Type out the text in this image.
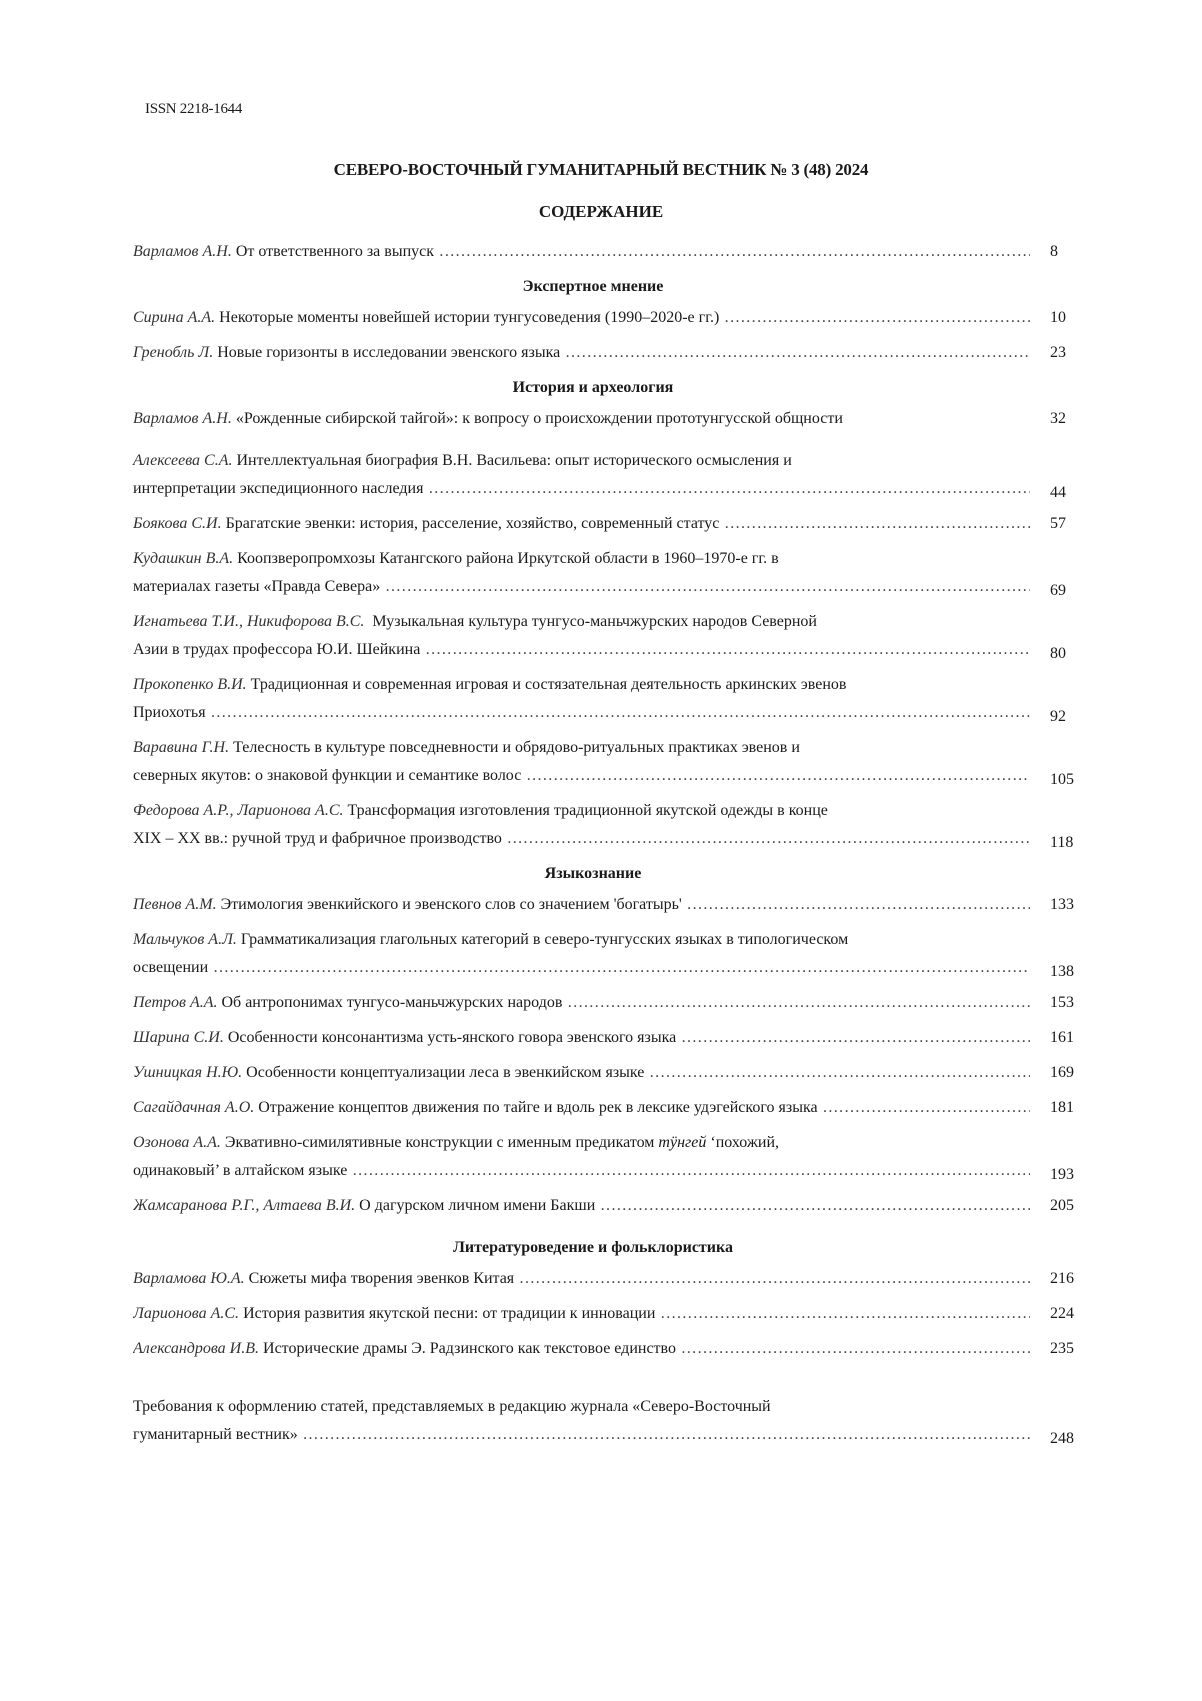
ISSN 2218-1644
СЕВЕРО-ВОСТОЧНЫЙ ГУМАНИТАРНЫЙ ВЕСТНИК № 3 (48) 2024
СОДЕРЖАНИЕ
Варламов А.Н. От ответственного за выпуск .....	8
Экспертное мнение
Сирина А.А. Некоторые моменты новейшей истории тунгусоведения (1990–2020-е гг.) .....	10
Гренобль Л. Новые горизонты в исследовании эвенского языка .....	23
История и археология
Варламов А.Н. «Рожденные сибирской тайгой»: к вопросу о происхождении прототунгусской общности	32
Алексеева С.А. Интеллектуальная биография В.Н. Васильева: опыт исторического осмысления и
интерпретации экспедиционного наследия .....	44
Боякова С.И. Брагатские эвенки: история, расселение, хозяйство, современный статус .....	57
Кудашкин В.А. Коопзверопромхозы Катангского района Иркутской области в 1960–1970-е гг. в
материалах газеты «Правда Севера» .....	69
Игнатьева Т.И., Никифорова В.С. Музыкальная культура тунгусо-маньчжурских народов Северной
Азии в трудах профессора Ю.И. Шейкина .....	80
Прокопенко В.И. Традиционная и современная игровая и состязательная деятельность аркинских эвенов
Приохотья .....	92
Варавина Г.Н. Телесность в культуре повседневности и обрядово-ритуальных практиках эвенов и
северных якутов: о знаковой функции и семантике волос .....	105
Федорова А.Р., Ларионова А.С. Трансформация изготовления традиционной якутской одежды в конце
XIX – XX вв.: ручной труд и фабричное производство .....	118
Языкознание
Певнов А.М. Этимология эвенкийского и эвенского слов со значением 'богатырь' .....	133
Мальчуков А.Л. Грамматикализация глагольных категорий в северо-тунгусских языках в типологическом
освещении .....	138
Петров А.А. Об антропонимах тунгусо-маньчжурских народов .....	153
Шарина С.И. Особенности консонантизма усть-янского говора эвенского языка .....	161
Ушницкая Н.Ю. Особенности концептуализации леса в эвенкийском языке .....	169
Сагайдачная А.О. Отражение концептов движения по тайге и вдоль рек в лексике удэгейского языка .....	181
Озонова А.А. Эквативно-симилятивные конструкции с именным предикатом тÿнгей ‘похожий,
одинаковый’ в алтайском языке .....	193
Жамсаранова Р.Г., Алтаева В.И. О дагурском личном имени Бакши .....	205
Литературоведение и фольклористика
Варламова Ю.А. Сюжеты мифа творения эвенков Китая .....	216
Ларионова А.С. История развития якутской песни: от традиции к инновации .....	224
Александрова И.В. Исторические драмы Э. Радзинского как текстовое единство .....	235
Требования к оформлению статей, представляемых в редакцию журнала «Северо-Восточный
гуманитарный вестник» .....	248
